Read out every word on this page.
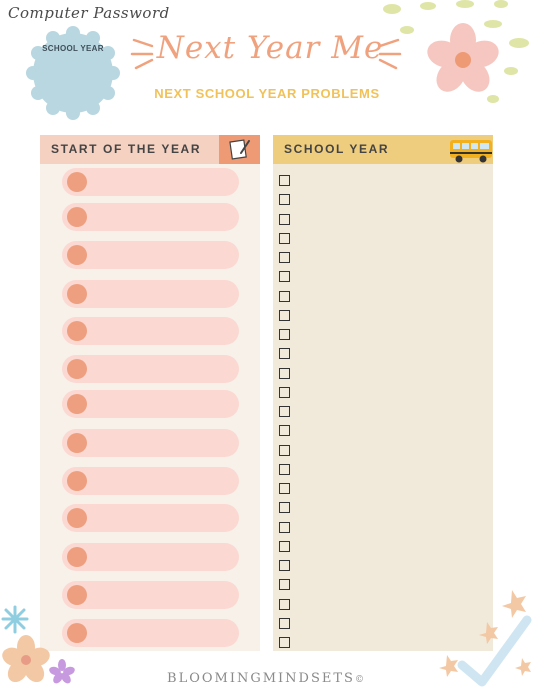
Computer Password
SCHOOL YEAR	Next Year Me
NEXT SCHOOL YEAR PROBLEMS
START OF THE YEAR	SCHOOL YEAR
BLOOMINGMINDSETS©
